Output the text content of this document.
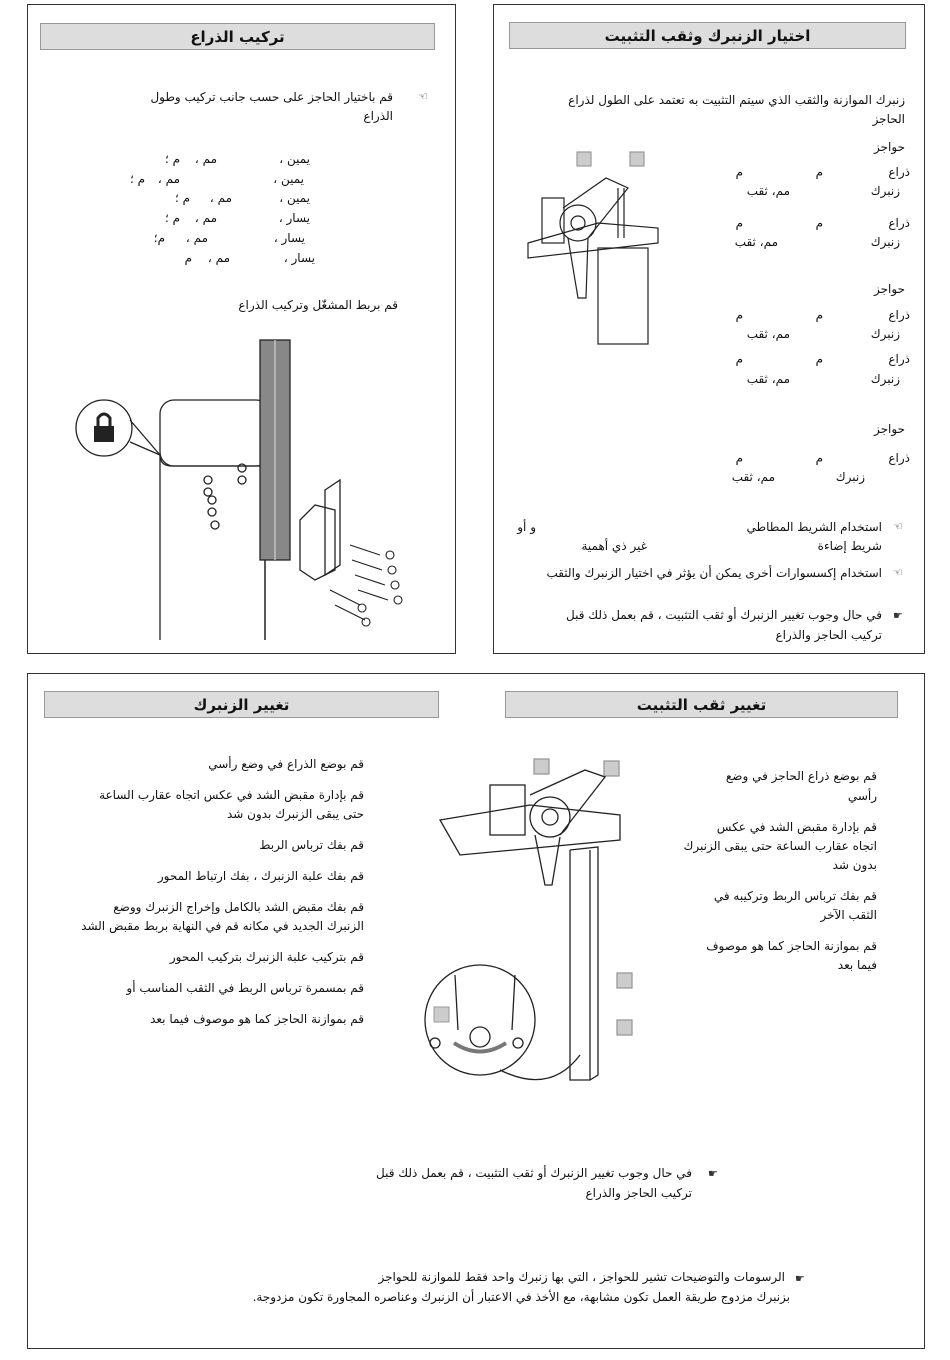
تركيب الذراع
☜
قم باختيار الحاجز على حسب جانب تركيب وطول
الذراع
يمين ،
مم ،
م ؛
يمين ،
مم ،
م ؛
يمين ،
مم ،
م ؛
يسار ،
مم ،
م ؛
يسار ،
مم ،
م؛
يسار ،
مم ،
م
قم بربط المشغّل وتركيب الذراع
اختيار الزنبرك وثقب التثبيت
زنبرك الموازنة والثقب الذي سيتم التثبيت به تعتمد على الطول لذراع
الحاجز
حواجز
ذراع
م
م
زنبرك
مم، ثقب
ذراع
م
م
زنبرك
مم، ثقب
حواجز
ذراع
م
م
زنبرك
مم، ثقب
ذراع
م
م
زنبرك
مم، ثقب
حواجز
ذراع
م
م
زنبرك
مم، ثقب
☜
استخدام الشريط المطاطي
و أو
شريط إضاءة
غير ذي أهمية
☜
استخدام إكسسوارات أخرى يمكن أن يؤثر في اختيار الزنبرك والثقب
☛
في حال وجوب تغيير الزنبرك أو ثقب التثبيت ، قم بعمل ذلك قبل
تركيب الحاجز والذراع
تغيير الزنبرك
قم بوضع الذراع في وضع رأسي
قم بإدارة مقبض الشد في عكس اتجاه عقارب الساعة
حتى يبقى الزنبرك بدون شد
قم بفك ترباس الربط
قم بفك علبة الزنبرك ، بفك ارتباط المحور
قم بفك مقبض الشد بالكامل وإخراج الزنبرك ووضع
الزنبرك الجديد في مكانه قم في النهاية بربط مقبض الشد
قم بتركيب علبة الزنبرك بتركيب المحور
قم بمسمرة ترباس الربط في الثقب المناسب أو
قم بموازنة الحاجز كما هو موصوف فيما بعد
تغيير ثقب التثبيت
قم بوضع ذراع الحاجز في وضع
رأسي
قم بإدارة مقبض الشد في عكس
اتجاه عقارب الساعة حتى يبقى الزنبرك
بدون شد
قم بفك ترباس الربط وتركيبه في
الثقب الآخر
قم بموازنة الحاجز كما هو موصوف
فيما بعد
☛
في حال وجوب تغيير الزنبرك أو ثقب التثبيت ، قم بعمل ذلك قبل
تركيب الحاجز والذراع
☛
الرسومات والتوضيحات تشير للحواجز ، التي بها زنبرك واحد فقط للموازنة للحواجز
بزنبرك مزدوج طريقة العمل تكون مشابهة، مع الأخذ في الاعتبار أن الزنبرك وعناصره المجاورة تكون مزدوجة.
